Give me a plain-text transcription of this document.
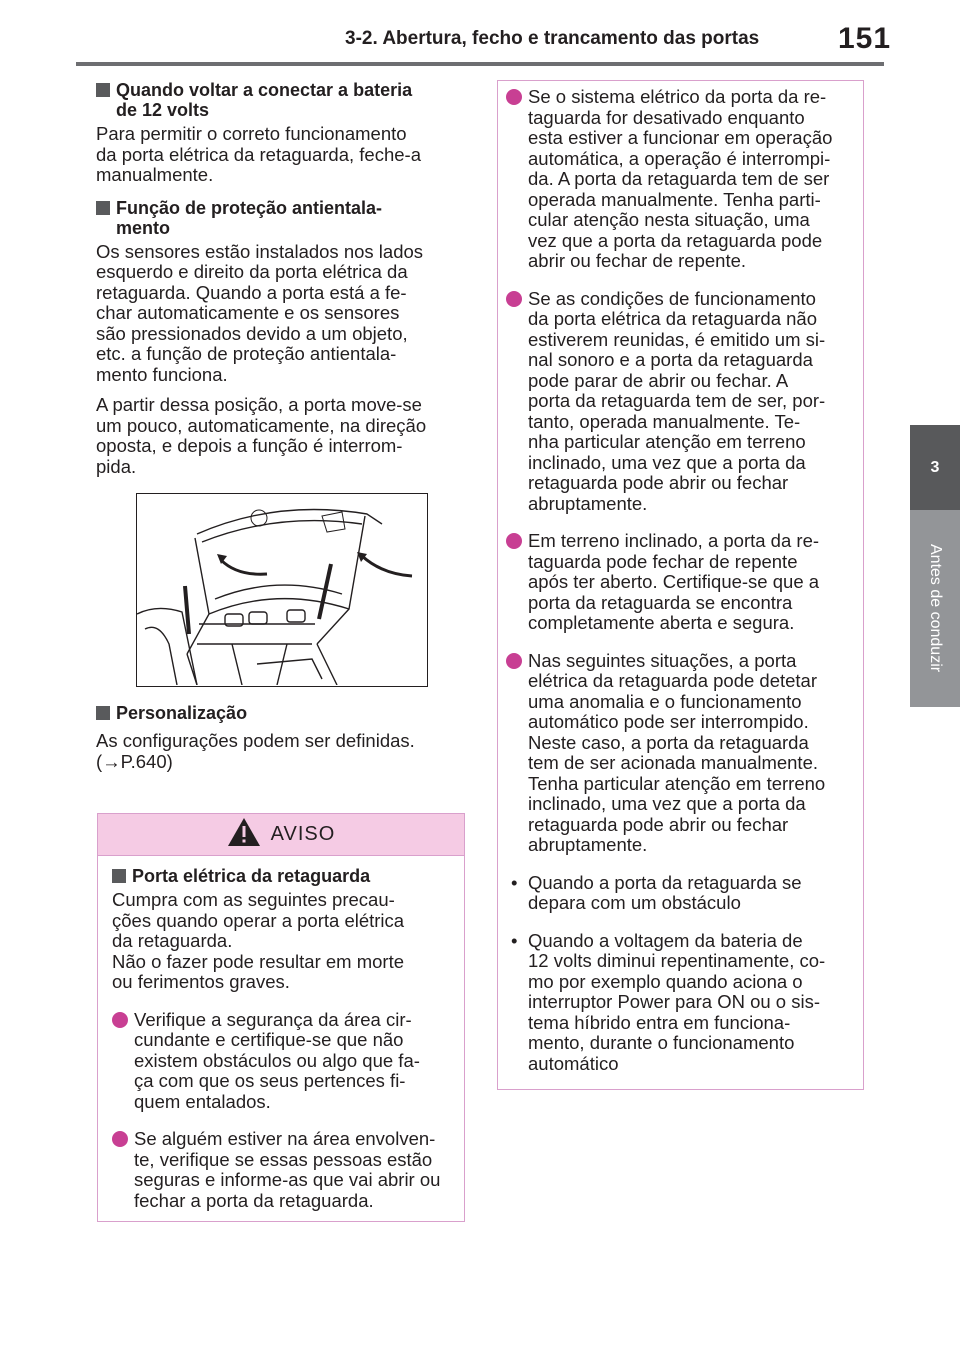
3-2. Abertura, fecho e trancamento das portas	151
3
Antes de conduzir
Quando voltar a conectar a bateria
de 12 volts
Para permitir o correto funcionamento
da porta elétrica da retaguarda, feche-a
manualmente.
Função de proteção antientala-
mento
Os sensores estão instalados nos lados
esquerdo e direito da porta elétrica da
retaguarda. Quando a porta está a fe-
char automaticamente e os sensores
são pressionados devido a um objeto,
etc. a função de proteção antientala-
mento funciona.
A partir dessa posição, a porta move-se
um pouco, automaticamente, na direção
oposta, e depois a função é interrom-
pida.
Personalização
As configurações podem ser definidas.
(→P.640)
AVISO
Porta elétrica da retaguarda
Cumpra com as seguintes precau-
ções quando operar a porta elétrica
da retaguarda.
Não o fazer pode resultar em morte
ou ferimentos graves.
Verifique a segurança da área cir-
cundante e certifique-se que não
existem obstáculos ou algo que fa-
ça com que os seus pertences fi-
quem entalados.
Se alguém estiver na área envolven-
te, verifique se essas pessoas estão
seguras e informe-as que vai abrir ou
fechar a porta da retaguarda.
Se o sistema elétrico da porta da re-
taguarda for desativado enquanto
esta estiver a funcionar em operação
automática, a operação é interrompi-
da. A porta da retaguarda tem de ser
operada manualmente. Tenha parti-
cular atenção nesta situação, uma
vez que a porta da retaguarda pode
abrir ou fechar de repente.
Se as condições de funcionamento
da porta elétrica da retaguarda não
estiverem reunidas, é emitido um si-
nal sonoro e a porta da retaguarda
pode parar de abrir ou fechar. A
porta da retaguarda tem de ser, por-
tanto, operada manualmente. Te-
nha particular atenção em terreno
inclinado, uma vez que a porta da
retaguarda pode abrir ou fechar
abruptamente.
Em terreno inclinado, a porta da re-
taguarda pode fechar de repente
após ter aberto. Certifique-se que a
porta da retaguarda se encontra
completamente aberta e segura.
Nas seguintes situações, a porta
elétrica da retaguarda pode detetar
uma anomalia e o funcionamento
automático pode ser interrompido.
Neste caso, a porta da retaguarda
tem de ser acionada manualmente.
Tenha particular atenção em terreno
inclinado, uma vez que a porta da
retaguarda pode abrir ou fechar
abruptamente.
• Quando a porta da retaguarda se
depara com um obstáculo
• Quando a voltagem da bateria de
12 volts diminui repentinamente, co-
mo por exemplo quando aciona o
interruptor Power para ON ou o sis-
tema híbrido entra em funciona-
mento, durante o funcionamento
automático
